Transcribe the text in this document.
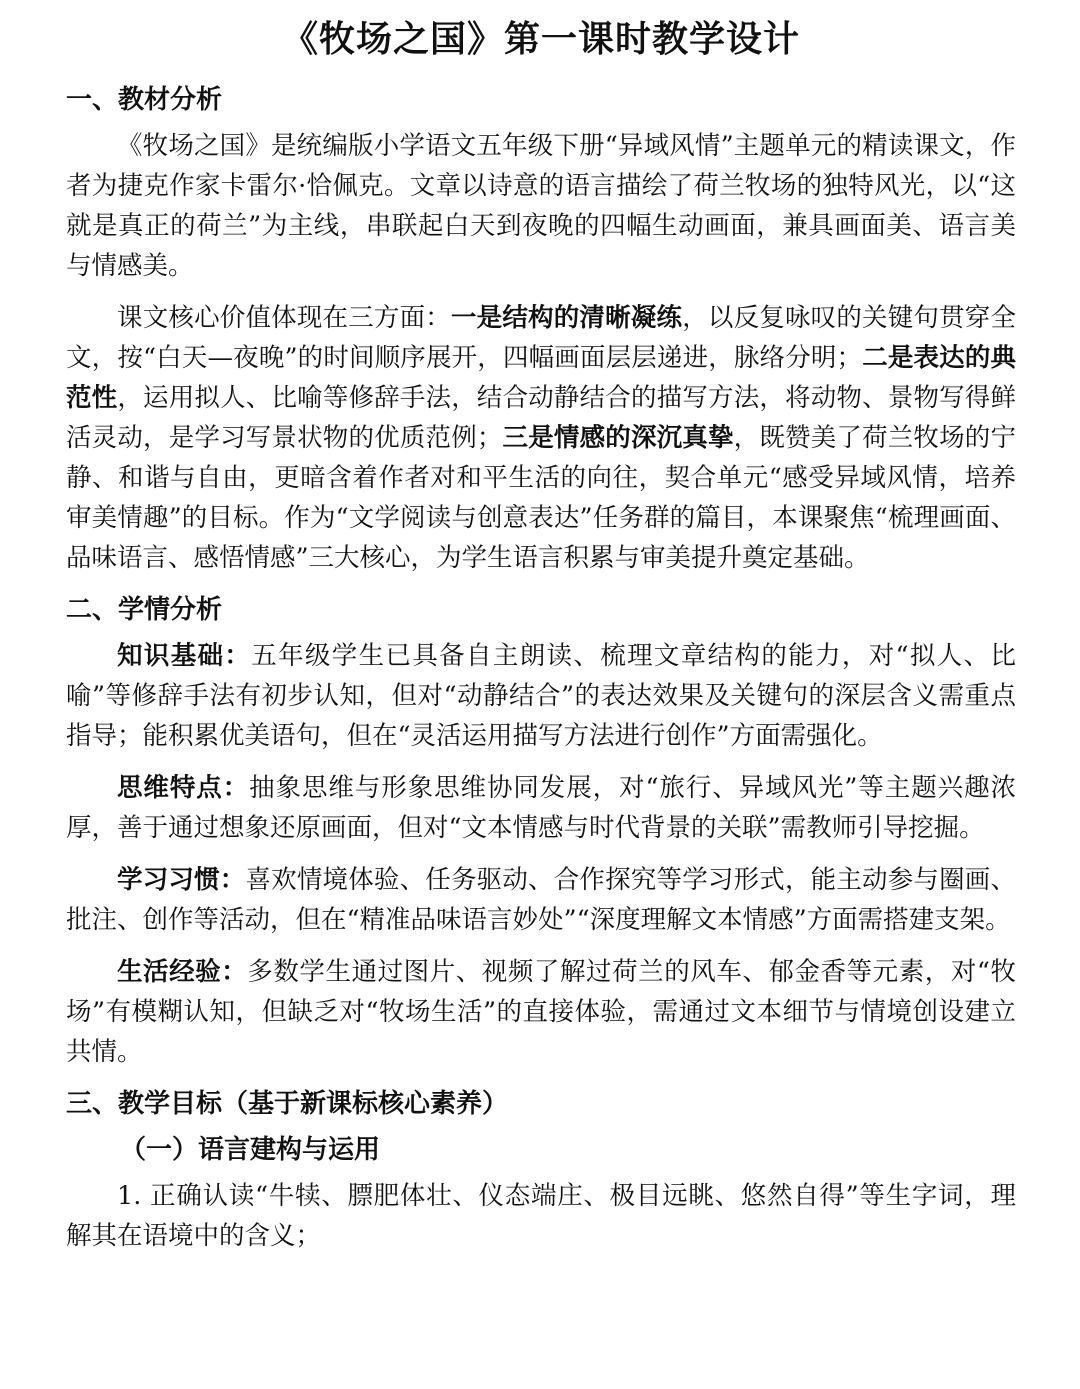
《牧场之国》第一课时教学设计
一、教材分析

《牧场之国》是统编版小学语文五年级下册“异域风情”主题单元的精读课文，作者为捷克作家卡雷尔·恰佩克。文章以诗意的语言描绘了荷兰牧场的独特风光，以“这就是真正的荷兰”为主线，串联起白天到夜晚的四幅生动画面，兼具画面美、语言美与情感美。

课文核心价值体现在三方面：一是结构的清晰凝练，以反复咏叹的关键句贯穿全文，按“白天—夜晚”的时间顺序展开，四幅画面层层递进，脉络分明；二是表达的典范性，运用拟人、比喻等修辞手法，结合动静结合的描写方法，将动物、景物写得鲜活灵动，是学习写景状物的优质范例；三是情感的深沉真挚，既赞美了荷兰牧场的宁静、和谐与自由，更暗含着作者对和平生活的向往，契合单元“感受异域风情，培养审美情趣”的目标。作为“文学阅读与创意表达”任务群的篇目，本课聚焦“梳理画面、品味语言、感悟情感”三大核心，为学生语言积累与审美提升奠定基础。

二、学情分析

知识基础：五年级学生已具备自主朗读、梳理文章结构的能力，对“拟人、比喻”等修辞手法有初步认知，但对“动静结合”的表达效果及关键句的深层含义需重点指导；能积累优美语句，但在“灵活运用描写方法进行创作”方面需强化。

思维特点：抽象思维与形象思维协同发展，对“旅行、异域风光”等主题兴趣浓厚，善于通过想象还原画面，但对“文本情感与时代背景的关联”需教师引导挖掘。

学习习惯：喜欢情境体验、任务驱动、合作探究等学习形式，能主动参与圈画、批注、创作等活动，但在“精准品味语言妙处”“深度理解文本情感”方面需搭建支架。

生活经验：多数学生通过图片、视频了解过荷兰的风车、郁金香等元素，对“牧场”有模糊认知，但缺乏对“牧场生活”的直接体验，需通过文本细节与情境创设建立共情。

三、教学目标（基于新课标核心素养）
（一）语言建构与运用

1. 正确认读“牛犊、膘肥体壮、仪态端庄、极目远眺、悠然自得”等生字词，理解其在语境中的含义；
